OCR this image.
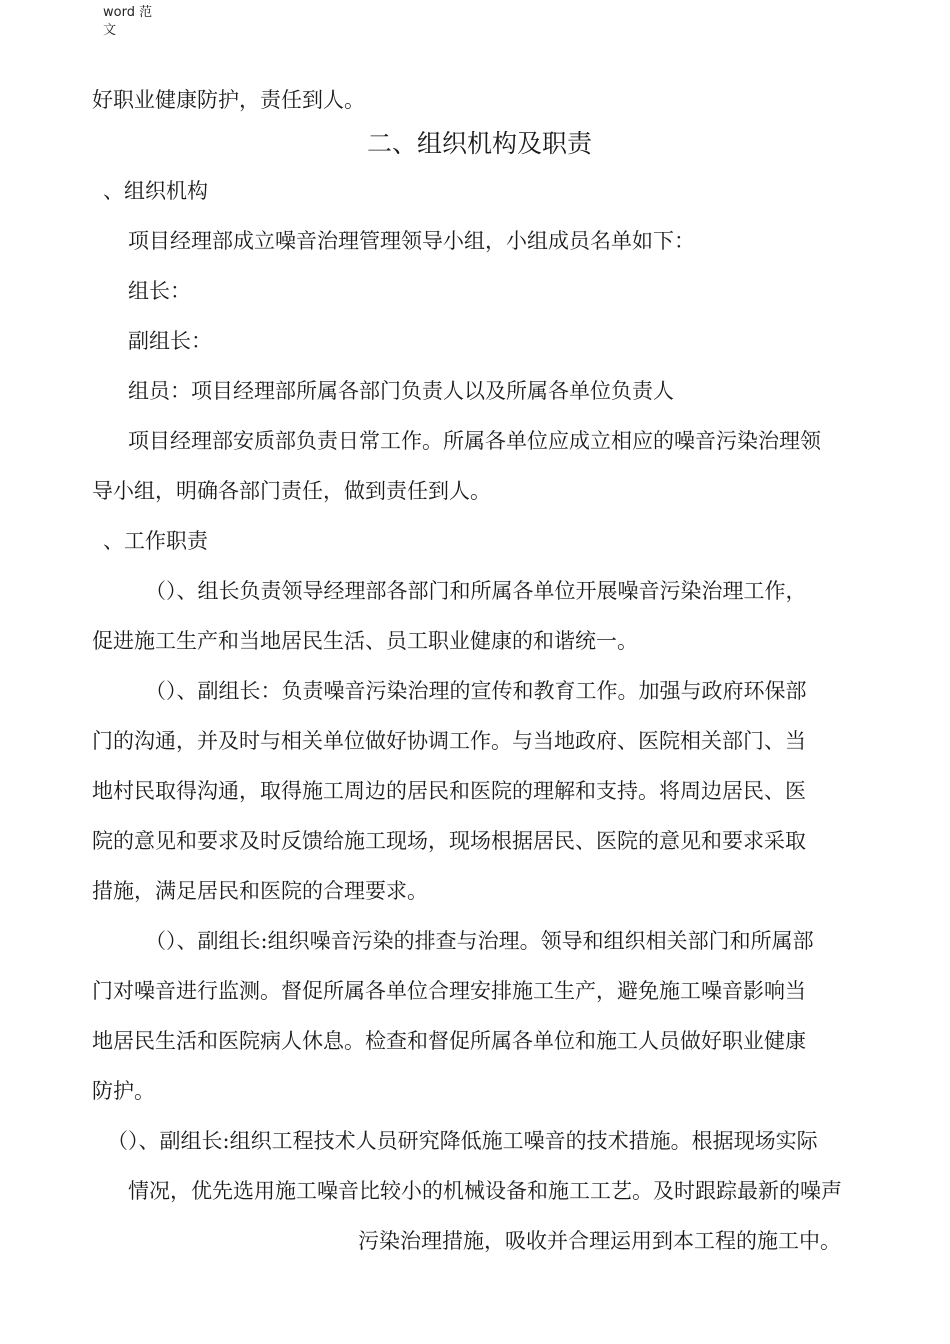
word 范
文
好职业健康防护，责任到人。
二、组织机构及职责
、组织机构
项目经理部成立噪音治理管理领导小组，小组成员名单如下：
组长：
副组长：
组员：项目经理部所属各部门负责人以及所属各单位负责人
项目经理部安质部负责日常工作。所属各单位应成立相应的噪音污染治理领
导小组，明确各部门责任，做到责任到人。
、工作职责
（）、组长负责领导经理部各部门和所属各单位开展噪音污染治理工作，
促进施工生产和当地居民生活、员工职业健康的和谐统一。
（）、副组长：负责噪音污染治理的宣传和教育工作。加强与政府环保部
门的沟通，并及时与相关单位做好协调工作。与当地政府、医院相关部门、当
地村民取得沟通，取得施工周边的居民和医院的理解和支持。将周边居民、医
院的意见和要求及时反馈给施工现场，现场根据居民、医院的意见和要求采取
措施，满足居民和医院的合理要求。
（）、副组长:组织噪音污染的排查与治理。领导和组织相关部门和所属部
门对噪音进行监测。督促所属各单位合理安排施工生产，避免施工噪音影响当
地居民生活和医院病人休息。检查和督促所属各单位和施工人员做好职业健康
防护。
（）、副组长:组织工程技术人员研究降低施工噪音的技术措施。根据现场实际
情况，优先选用施工噪音比较小的机械设备和施工工艺。及时跟踪最新的噪声
污染治理措施，吸收并合理运用到本工程的施工中。
